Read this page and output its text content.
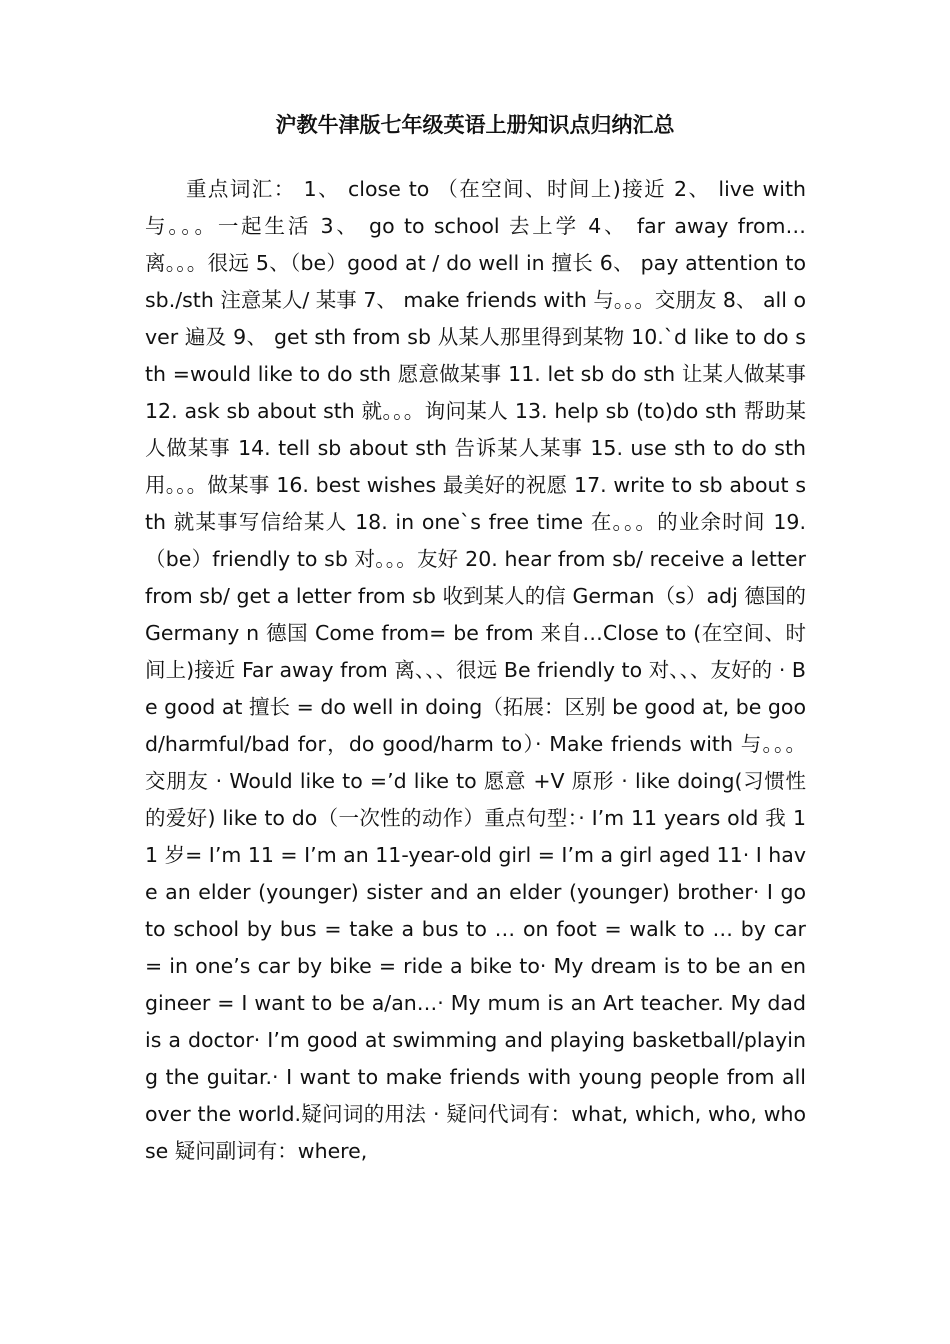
沪教牛津版七年级英语上册知识点归纳汇总

重点词汇： 1、 close to （在空间、时间上)接近 2、 live with 与。。。一起生活 3、 go to school 去上学 4、 far away from… 离。。。很远 5、（be）good at / do well in 擅长 6、 pay attention to sb./sth 注意某人/ 某事 7、 make friends with 与。。。交朋友 8、 all over 遍及 9、 get sth from sb 从某人那里得到某物 10.`d like to do sth =would like to do sth 愿意做某事 11. let sb do sth 让某人做某事 12. ask sb about sth 就。。。询问某人 13. help sb (to)do sth 帮助某人做某事 14. tell sb about sth 告诉某人某事 15. use sth to do sth 用。。。做某事 16. best wishes 最美好的祝愿 17. write to sb about sth 就某事写信给某人 18. in one`s free time 在。。。的业余时间 19.（be）friendly to sb 对。。。友好 20. hear from sb/ receive a letter from sb/ get a letter from sb 收到某人的信 German（s）adj 德国的 Germany n 德国 Come from= be from 来自…Close to (在空间、时间上)接近 Far away from 离、、、很远 Be friendly to 对、、、友好的 · Be good at 擅长 = do well in doing（拓展：区别 be good at, be good/harmful/bad for，do good/harm to）· Make friends with 与。。。交朋友 · Would like to =’d like to 愿意 +V 原形 · like doing(习惯性的爱好) like to do（一次性的动作）重点句型：· I’m 11 years old 我 11 岁= I’m 11 = I’m an 11-year-old girl = I’m a girl aged 11· I have an elder (younger) sister and an elder (younger) brother· I go to school by bus = take a bus to … on foot = walk to … by car = in one’s car by bike = ride a bike to· My dream is to be an engineer = I want to be a/an…· My mum is an Art teacher. My dad is a doctor· I’m good at swimming and playing basketball/playing the guitar.· I want to make friends with young people from all over the world.疑问词的用法 · 疑问代词有：what, which, who, whose 疑问副词有：where,
